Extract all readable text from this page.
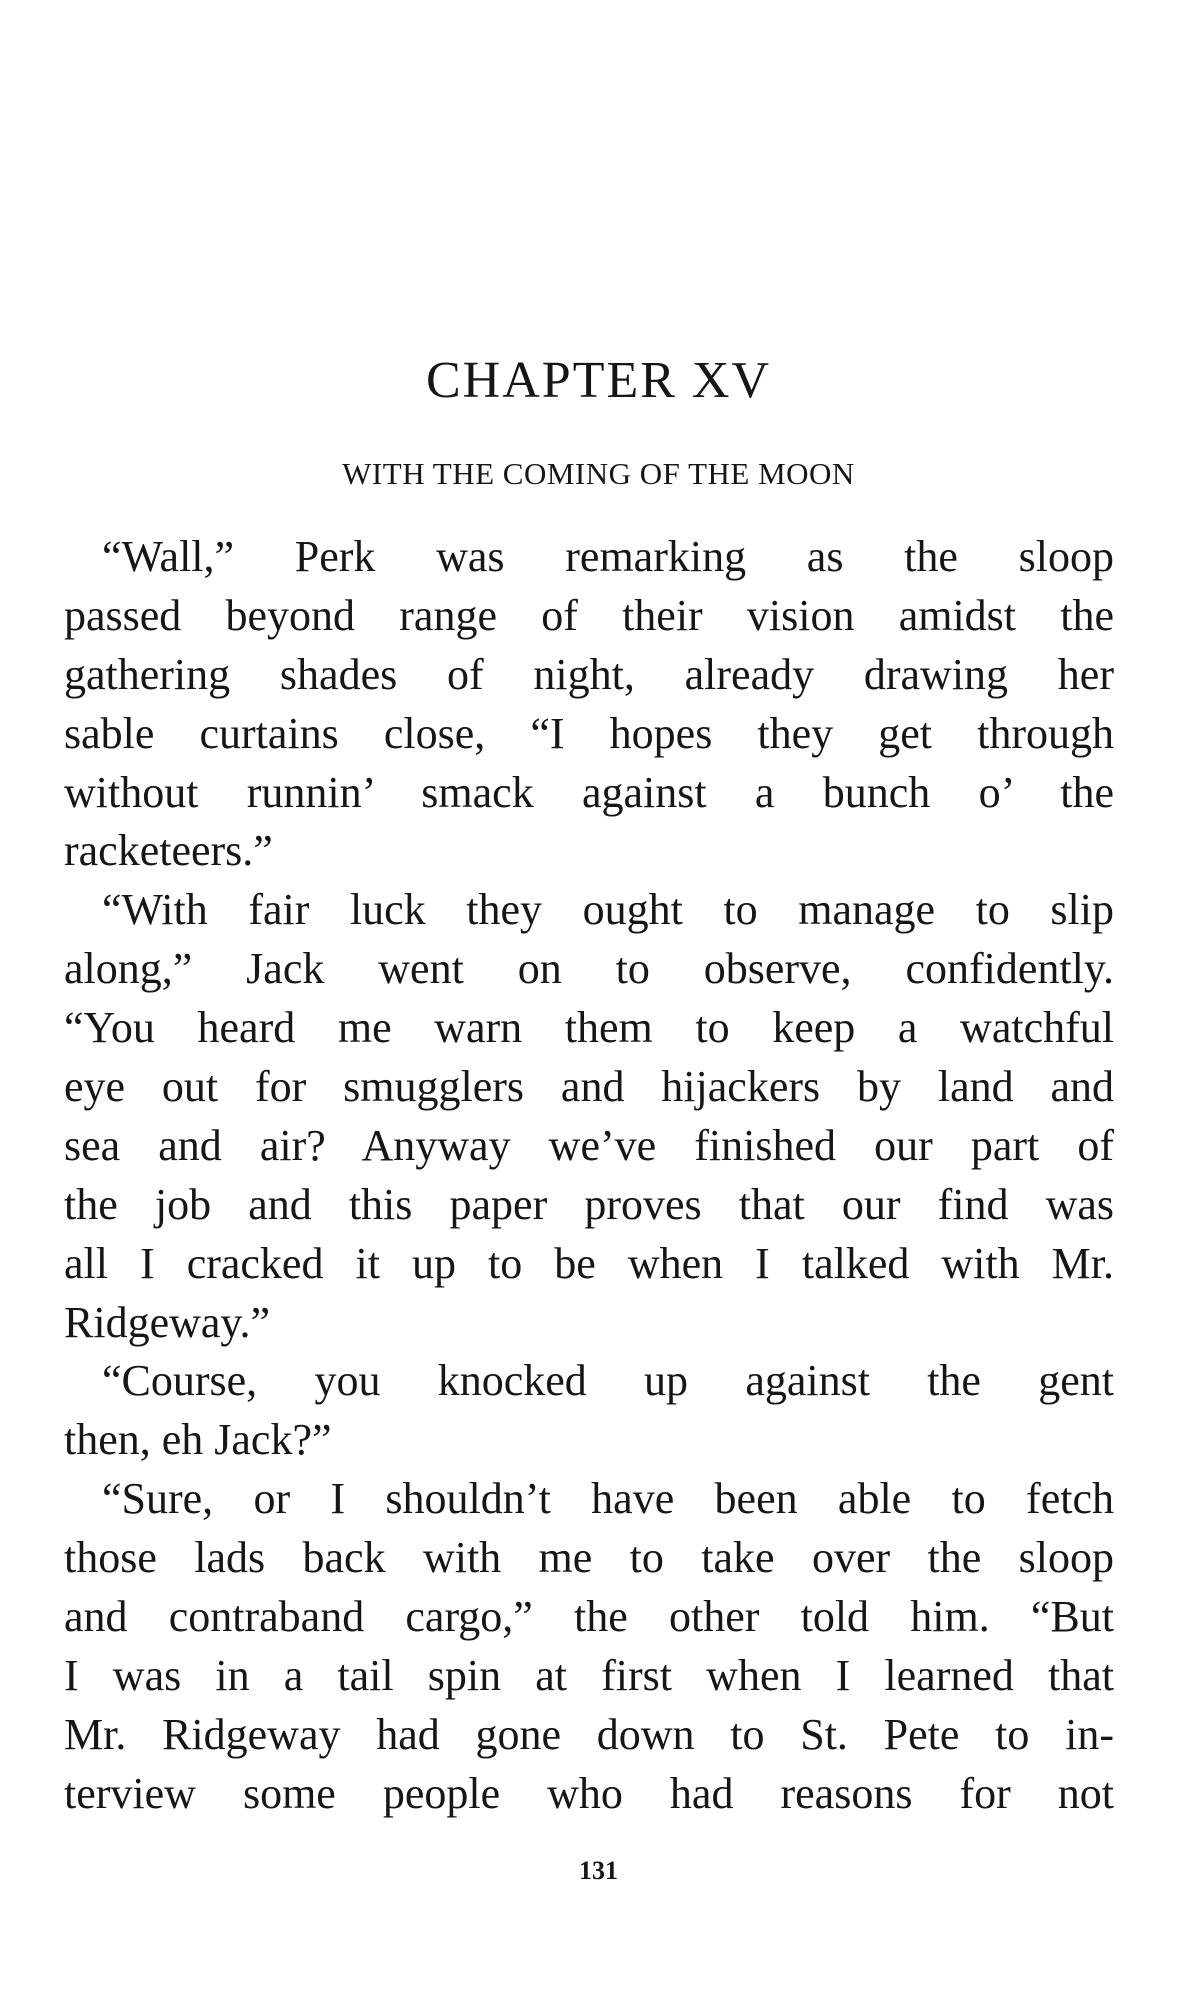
CHAPTER XV
WITH THE COMING OF THE MOON
“Wall,” Perk was remarking as the sloop
passed beyond range of their vision amidst the
gathering shades of night, already drawing her
sable curtains close, “I hopes they get through
without runnin’ smack against a bunch o’ the
racketeers.”
“With fair luck they ought to manage to slip
along,” Jack went on to observe, confidently.
“You heard me warn them to keep a watchful
eye out for smugglers and hijackers by land and
sea and air? Anyway we’ve finished our part of
the job and this paper proves that our find was
all I cracked it up to be when I talked with Mr.
Ridgeway.”
“Course, you knocked up against the gent
then, eh Jack?”
“Sure, or I shouldn’t have been able to fetch
those lads back with me to take over the sloop
and contraband cargo,” the other told him. “But
I was in a tail spin at first when I learned that
Mr. Ridgeway had gone down to St. Pete to in-
terview some people who had reasons for not
131
